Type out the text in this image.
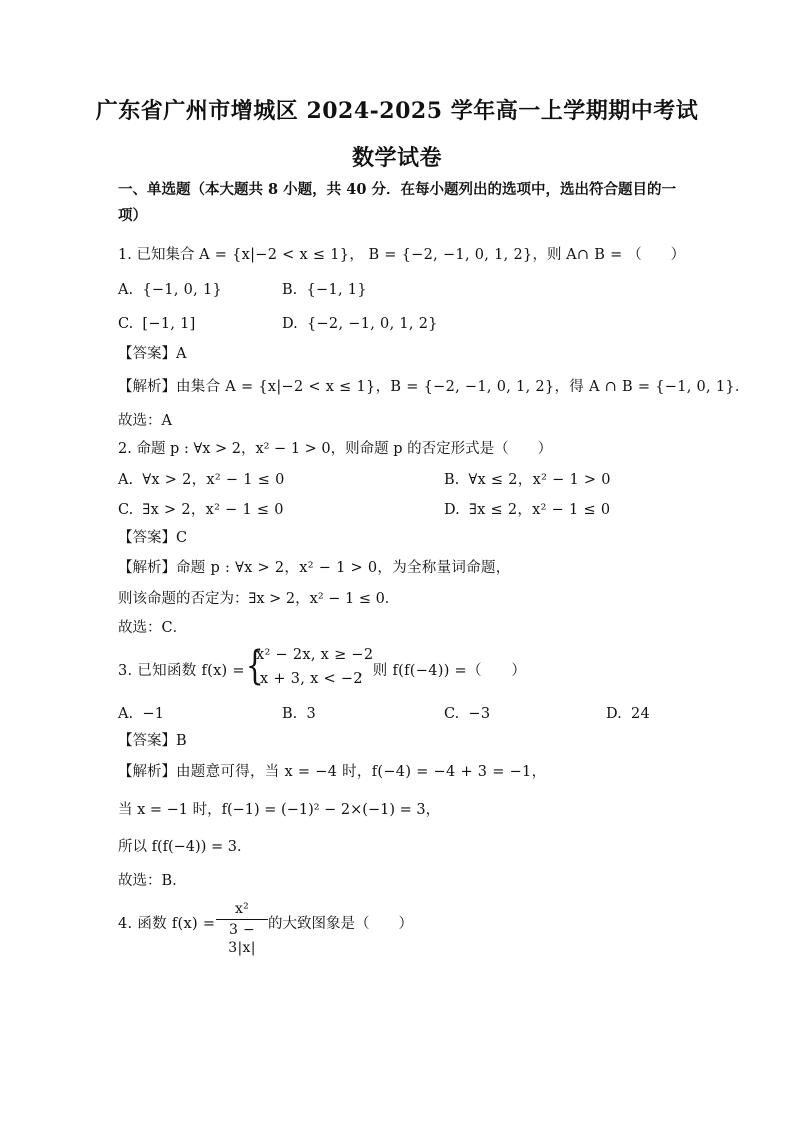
广东省广州市增城区 2024-2025 学年高一上学期期中考试
数学试卷
一、单选题（本大题共 8 小题，共 40 分．在每小题列出的选项中，选出符合题目的一项）
1. 已知集合 A = {x|−2 < x ≤ 1}， B = {−2, −1, 0, 1, 2}，则 A∩ B = （　　）
A. {−1, 0, 1}	B. {−1, 1}
C. [−1, 1]	D. {−2, −1, 0, 1, 2}
【答案】A
【解析】由集合 A = {x|−2 < x ≤ 1}，B = {−2, −1, 0, 1, 2}，得 A ∩ B = {−1, 0, 1}．
故选：A
2. 命题 p : ∀x > 2，x² − 1 > 0，则命题 p 的否定形式是（　　）
A. ∀x > 2，x² − 1 ≤ 0	B. ∀x ≤ 2，x² − 1 > 0
C. ∃x > 2，x² − 1 ≤ 0	D. ∃x ≤ 2，x² − 1 ≤ 0
【答案】C
【解析】命题 p : ∀x > 2，x² − 1 > 0，为全称量词命题，
则该命题的否定为：∃x > 2，x² − 1 ≤ 0．
故选：C．
3. 已知函数 f(x) = {
x² − 2x, x ≥ −2
x + 3, x < −2
，则 f(f(−4)) =（　　）
A. −1	B. 3	C. −3	D. 24
【答案】B
【解析】由题意可得，当 x = −4 时，f(−4) = −4 + 3 = −1，
当 x = −1 时，f(−1) = (−1)² − 2×(−1) = 3，
所以 f(f(−4)) = 3．
故选：B.
4. 函数 f(x) =
x²
3 − 3|x|
的大致图象是（　　）
